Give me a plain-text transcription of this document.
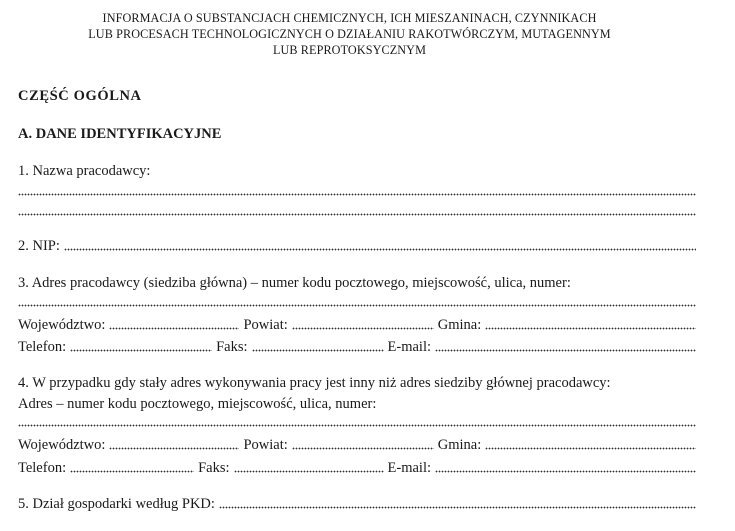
INFORMACJA O SUBSTANCJACH CHEMICZNYCH, ICH MIESZANINACH, CZYNNIKACH
LUB PROCESACH TECHNOLOGICZNYCH O DZIAŁANIU RAKOTWÓRCZYM, MUTAGENNYM
LUB REPROTOKSYCZNYM
CZĘŚĆ OGÓLNA
A. DANE IDENTYFIKACYJNE
1. Nazwa pracodawcy:
2. NIP:
3. Adres pracodawcy (siedziba główna) – numer kodu pocztowego, miejscowość, ulica, numer:
Województwo:	Powiat:	Gmina:
Telefon:	Faks:	E-mail:
4. W przypadku gdy stały adres wykonywania pracy jest inny niż adres siedziby głównej pracodawcy:
Adres – numer kodu pocztowego, miejscowość, ulica, numer:
Województwo:	Powiat:	Gmina:
Telefon:	Faks:	E-mail:
5. Dział gospodarki według PKD:
